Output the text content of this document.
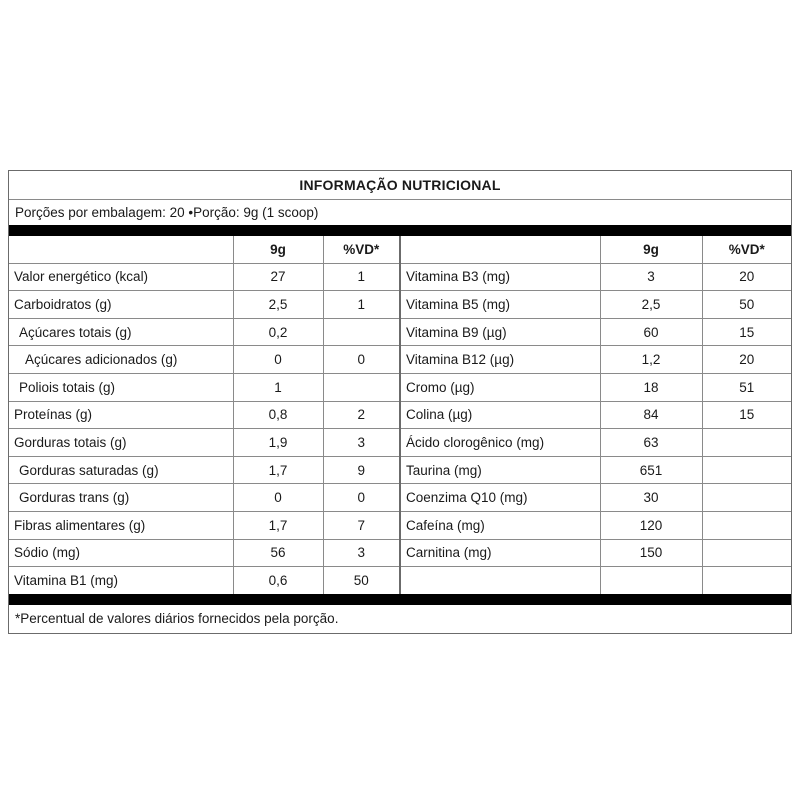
INFORMAÇÃO NUTRICIONAL
Porções por embalagem: 20 •Porção: 9g (1 scoop)
	9g	%VD*		9g	%VD*
Valor energético (kcal)	27	1	Vitamina B3 (mg)	3	20
Carboidratos (g)	2,5	1	Vitamina B5 (mg)	2,5	50
Açúcares totais (g)	0,2		Vitamina B9 (µg)	60	15
Açúcares adicionados (g)	0	0	Vitamina B12 (µg)	1,2	20
Poliois totais (g)	1		Cromo (µg)	18	51
Proteínas (g)	0,8	2	Colina (µg)	84	15
Gorduras totais (g)	1,9	3	Ácido clorogênico (mg)	63	
Gorduras saturadas (g)	1,7	9	Taurina (mg)	651	
Gorduras trans (g)	0	0	Coenzima Q10 (mg)	30	
Fibras alimentares (g)	1,7	7	Cafeína (mg)	120	
Sódio (mg)	56	3	Carnitina (mg)	150	
Vitamina B1 (mg)	0,6	50			
*Percentual de valores diários fornecidos pela porção.
